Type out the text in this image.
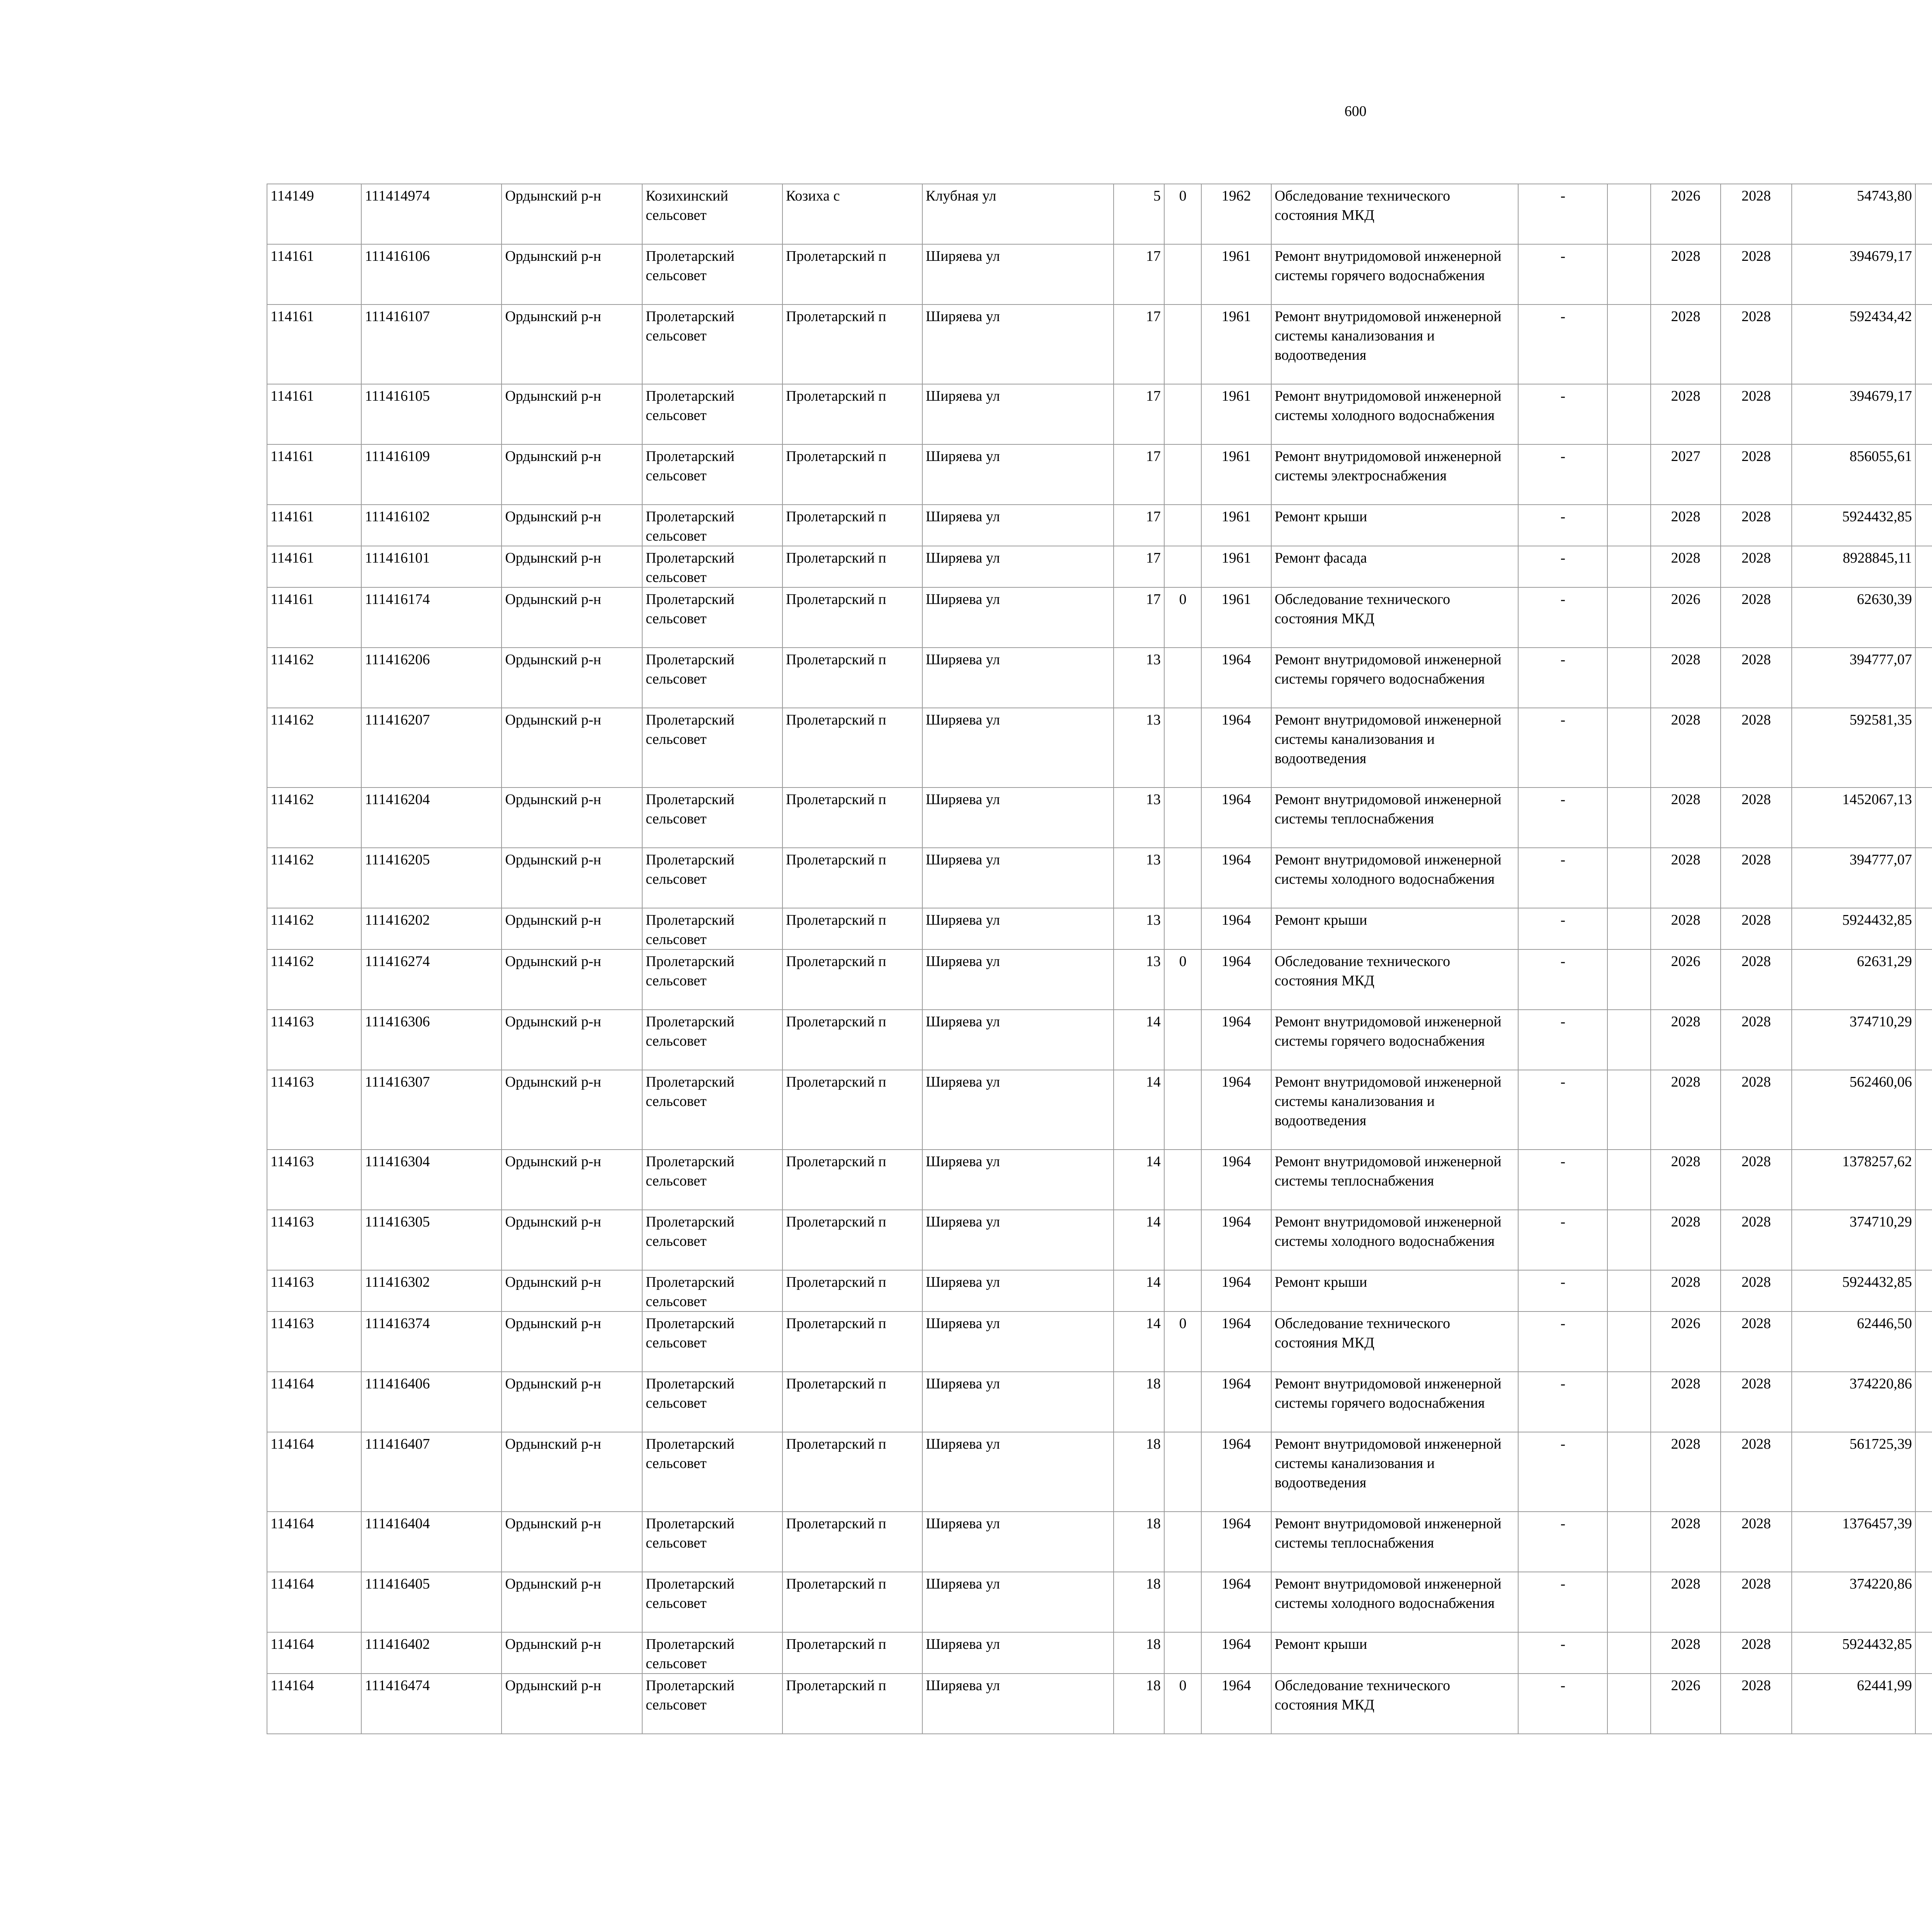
600
114149	111414974	Ордынский р-н	Козихинский сельсовет	Козиха с	Клубная ул	5	0	1962	Обследование технического состояния МКД	-		2026	2028	54743,80						
114161	111416106	Ордынский р-н	Пролетарский сельсовет	Пролетарский п	Ширяева ул	17		1961	Ремонт внутридомовой инженерной системы горячего водоснабжения	-		2028	2028	394679,17						
114161	111416107	Ордынский р-н	Пролетарский сельсовет	Пролетарский п	Ширяева ул	17		1961	Ремонт внутридомовой инженерной системы канализования и водоотведения	-		2028	2028	592434,42						
114161	111416105	Ордынский р-н	Пролетарский сельсовет	Пролетарский п	Ширяева ул	17		1961	Ремонт внутридомовой инженерной системы холодного водоснабжения	-		2028	2028	394679,17						
114161	111416109	Ордынский р-н	Пролетарский сельсовет	Пролетарский п	Ширяева ул	17		1961	Ремонт внутридомовой инженерной системы электроснабжения	-		2027	2028	856055,61						
114161	111416102	Ордынский р-н	Пролетарский сельсовет	Пролетарский п	Ширяева ул	17		1961	Ремонт крыши	-		2028	2028	5924432,85						
114161	111416101	Ордынский р-н	Пролетарский сельсовет	Пролетарский п	Ширяева ул	17		1961	Ремонт фасада	-		2028	2028	8928845,11						
114161	111416174	Ордынский р-н	Пролетарский сельсовет	Пролетарский п	Ширяева ул	17	0	1961	Обследование технического состояния МКД	-		2026	2028	62630,39						
114162	111416206	Ордынский р-н	Пролетарский сельсовет	Пролетарский п	Ширяева ул	13		1964	Ремонт внутридомовой инженерной системы горячего водоснабжения	-		2028	2028	394777,07						
114162	111416207	Ордынский р-н	Пролетарский сельсовет	Пролетарский п	Ширяева ул	13		1964	Ремонт внутридомовой инженерной системы канализования и водоотведения	-		2028	2028	592581,35						
114162	111416204	Ордынский р-н	Пролетарский сельсовет	Пролетарский п	Ширяева ул	13		1964	Ремонт внутридомовой инженерной системы теплоснабжения	-		2028	2028	1452067,13						
114162	111416205	Ордынский р-н	Пролетарский сельсовет	Пролетарский п	Ширяева ул	13		1964	Ремонт внутридомовой инженерной системы холодного водоснабжения	-		2028	2028	394777,07						
114162	111416202	Ордынский р-н	Пролетарский сельсовет	Пролетарский п	Ширяева ул	13		1964	Ремонт крыши	-		2028	2028	5924432,85						
114162	111416274	Ордынский р-н	Пролетарский сельсовет	Пролетарский п	Ширяева ул	13	0	1964	Обследование технического состояния МКД	-		2026	2028	62631,29						
114163	111416306	Ордынский р-н	Пролетарский сельсовет	Пролетарский п	Ширяева ул	14		1964	Ремонт внутридомовой инженерной системы горячего водоснабжения	-		2028	2028	374710,29						
114163	111416307	Ордынский р-н	Пролетарский сельсовет	Пролетарский п	Ширяева ул	14		1964	Ремонт внутридомовой инженерной системы канализования и водоотведения	-		2028	2028	562460,06						
114163	111416304	Ордынский р-н	Пролетарский сельсовет	Пролетарский п	Ширяева ул	14		1964	Ремонт внутридомовой инженерной системы теплоснабжения	-		2028	2028	1378257,62						
114163	111416305	Ордынский р-н	Пролетарский сельсовет	Пролетарский п	Ширяева ул	14		1964	Ремонт внутридомовой инженерной системы холодного водоснабжения	-		2028	2028	374710,29						
114163	111416302	Ордынский р-н	Пролетарский сельсовет	Пролетарский п	Ширяева ул	14		1964	Ремонт крыши	-		2028	2028	5924432,85						
114163	111416374	Ордынский р-н	Пролетарский сельсовет	Пролетарский п	Ширяева ул	14	0	1964	Обследование технического состояния МКД	-		2026	2028	62446,50						
114164	111416406	Ордынский р-н	Пролетарский сельсовет	Пролетарский п	Ширяева ул	18		1964	Ремонт внутридомовой инженерной системы горячего водоснабжения	-		2028	2028	374220,86						
114164	111416407	Ордынский р-н	Пролетарский сельсовет	Пролетарский п	Ширяева ул	18		1964	Ремонт внутридомовой инженерной системы канализования и водоотведения	-		2028	2028	561725,39						
114164	111416404	Ордынский р-н	Пролетарский сельсовет	Пролетарский п	Ширяева ул	18		1964	Ремонт внутридомовой инженерной системы теплоснабжения	-		2028	2028	1376457,39						
114164	111416405	Ордынский р-н	Пролетарский сельсовет	Пролетарский п	Ширяева ул	18		1964	Ремонт внутридомовой инженерной системы холодного водоснабжения	-		2028	2028	374220,86						
114164	111416402	Ордынский р-н	Пролетарский сельсовет	Пролетарский п	Ширяева ул	18		1964	Ремонт крыши	-		2028	2028	5924432,85						
114164	111416474	Ордынский р-н	Пролетарский сельсовет	Пролетарский п	Ширяева ул	18	0	1964	Обследование технического состояния МКД	-		2026	2028	62441,99						
